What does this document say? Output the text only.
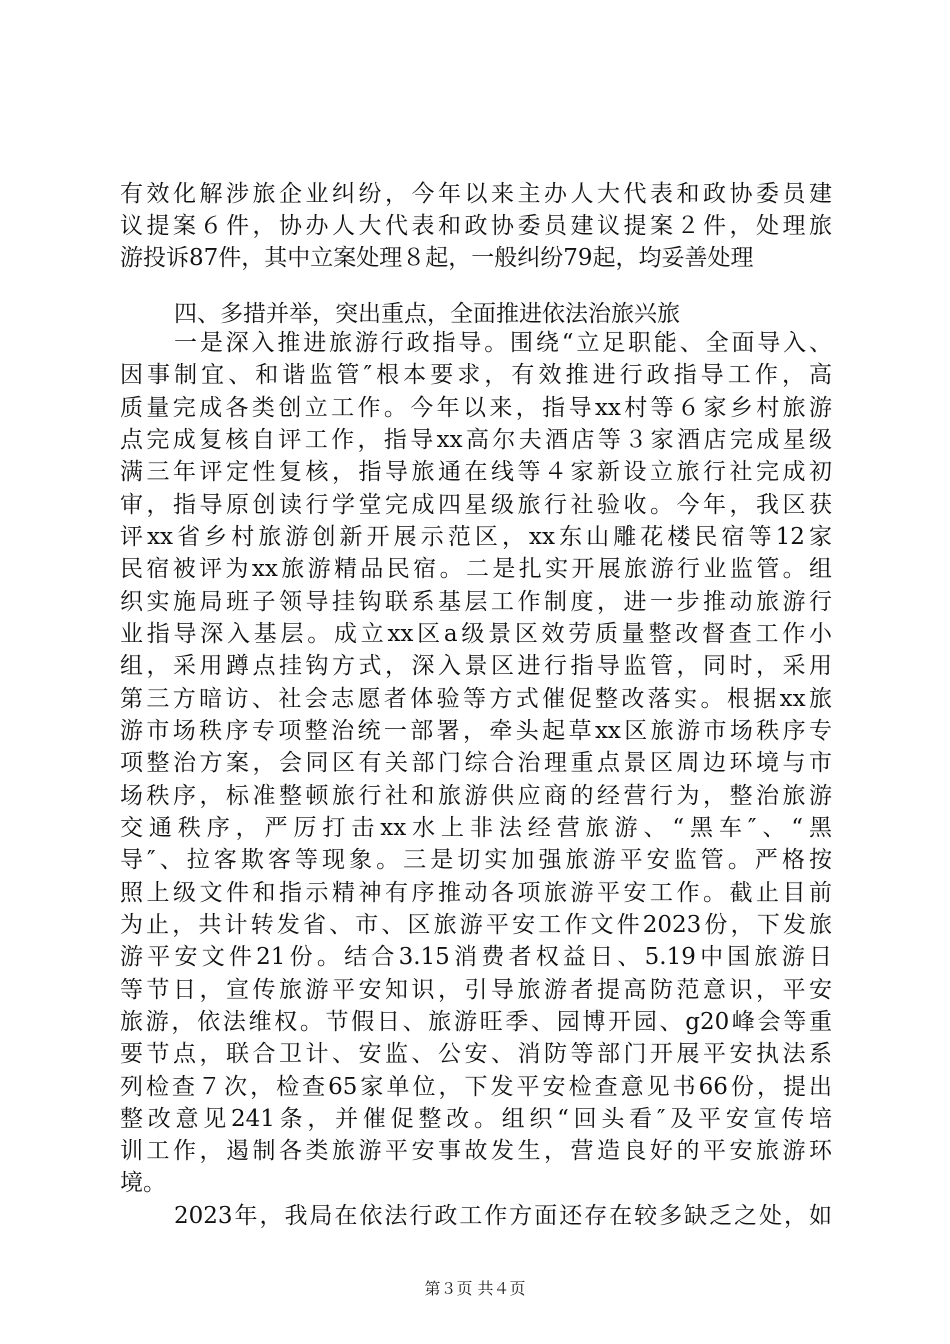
有效化解涉旅企业纠纷，今年以来主办人大代表和政协委员建
议提案６件，协办人大代表和政协委员建议提案２件，处理旅
游投诉87件，其中立案处理８起，一般纠纷79起，均妥善处理
四、多措并举，突出重点，全面推进依法治旅兴旅
一是深入推进旅游行政指导。围绕“立足职能、全面导入、
因事制宜、和谐监管″根本要求，有效推进行政指导工作，高
质量完成各类创立工作。今年以来，指导xx村等６家乡村旅游
点完成复核自评工作，指导xx高尔夫酒店等３家酒店完成星级
满三年评定性复核，指导旅通在线等４家新设立旅行社完成初
审，指导原创读行学堂完成四星级旅行社验收。今年，我区获
评xx省乡村旅游创新开展示范区，xx东山雕花楼民宿等12家
民宿被评为xx旅游精品民宿。二是扎实开展旅游行业监管。组
织实施局班子领导挂钩联系基层工作制度，进一步推动旅游行
业指导深入基层。成立xx区a级景区效劳质量整改督查工作小
组，采用蹲点挂钩方式，深入景区进行指导监管，同时，采用
第三方暗访、社会志愿者体验等方式催促整改落实。根据xx旅
游市场秩序专项整治统一部署，牵头起草xx区旅游市场秩序专
项整治方案，会同区有关部门综合治理重点景区周边环境与市
场秩序，标准整顿旅行社和旅游供应商的经营行为，整治旅游
交通秩序，严厉打击xx水上非法经营旅游、“黑车″、“黑
导″、拉客欺客等现象。三是切实加强旅游平安监管。严格按
照上级文件和指示精神有序推动各项旅游平安工作。截止目前
为止，共计转发省、市、区旅游平安工作文件2023份，下发旅
游平安文件21份。结合3.15消费者权益日、5.19中国旅游日
等节日，宣传旅游平安知识，引导旅游者提高防范意识，平安
旅游，依法维权。节假日、旅游旺季、园博开园、g20峰会等重
要节点，联合卫计、安监、公安、消防等部门开展平安执法系
列检查７次，检查65家单位，下发平安检查意见书66份，提出
整改意见241条，并催促整改。组织“回头看″及平安宣传培
训工作，遏制各类旅游平安事故发生，营造良好的平安旅游环
境。
2023年，我局在依法行政工作方面还存在较多缺乏之处，如
第３页 共４页
